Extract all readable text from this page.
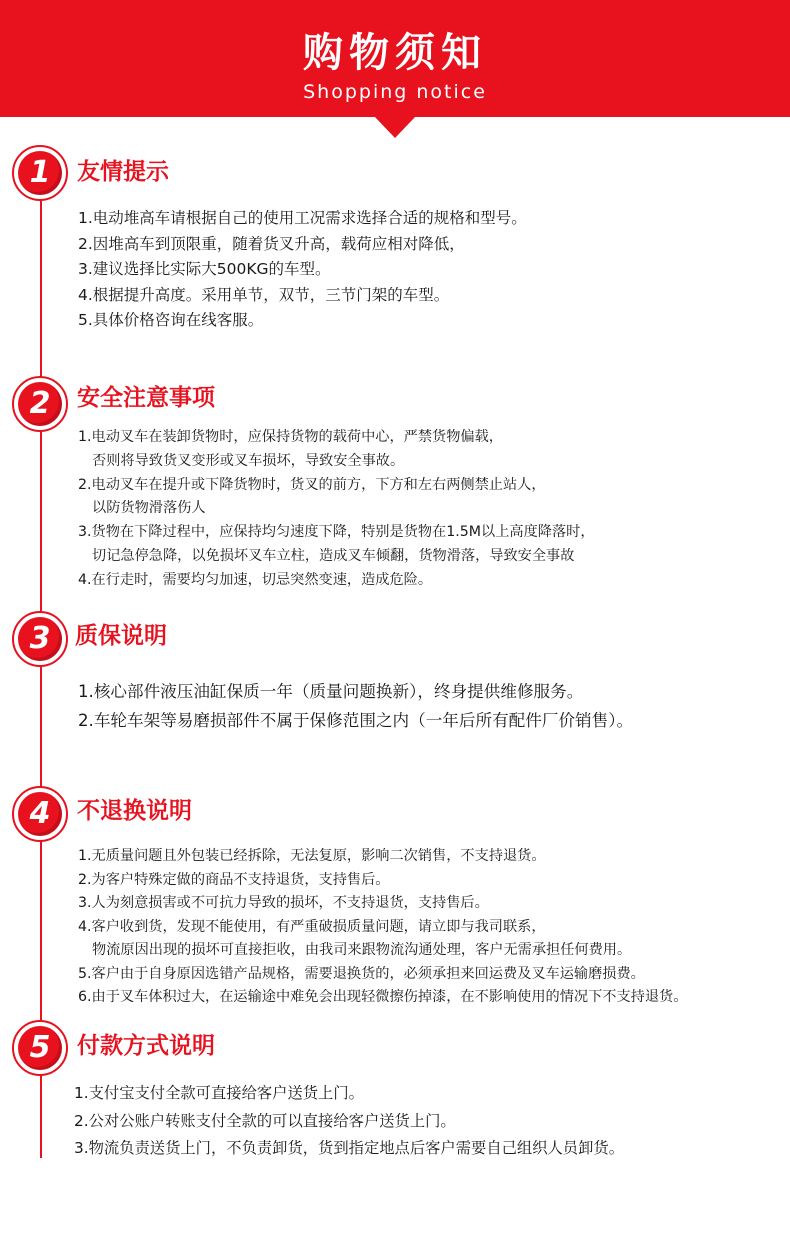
购物须知
Shopping notice
1	友情提示
1.电动堆高车请根据自己的使用工况需求选择合适的规格和型号。
2.因堆高车到顶限重，随着货叉升高，载荷应相对降低，
3.建议选择比实际大500KG的车型。
4.根据提升高度。采用单节，双节，三节门架的车型。
5.具体价格咨询在线客服。
2	安全注意事项
1.电动叉车在装卸货物时，应保持货物的载荷中心，严禁货物偏载，
否则将导致货叉变形或叉车损坏，导致安全事故。
2.电动叉车在提升或下降货物时，货叉的前方，下方和左右两侧禁止站人，
以防货物滑落伤人
3.货物在下降过程中，应保持均匀速度下降，特别是货物在1.5M以上高度降落时，
切记急停急降，以免损坏叉车立柱，造成叉车倾翻，货物滑落，导致安全事故
4.在行走时，需要均匀加速，切忌突然变速，造成危险。
3	质保说明
1.核心部件液压油缸保质一年（质量问题换新），终身提供维修服务。
2.车轮车架等易磨损部件不属于保修范围之内（一年后所有配件厂价销售）。
4	不退换说明
1.无质量问题且外包装已经拆除，无法复原，影响二次销售，不支持退货。
2.为客户特殊定做的商品不支持退货，支持售后。
3.人为刻意损害或不可抗力导致的损坏，不支持退货，支持售后。
4.客户收到货，发现不能使用，有严重破损质量问题，请立即与我司联系，
物流原因出现的损坏可直接拒收，由我司来跟物流沟通处理，客户无需承担任何费用。
5.客户由于自身原因选错产品规格，需要退换货的，必须承担来回运费及叉车运输磨损费。
6.由于叉车体积过大，在运输途中难免会出现轻微擦伤掉漆，在不影响使用的情况下不支持退货。
5	付款方式说明
1.支付宝支付全款可直接给客户送货上门。
2.公对公账户转账支付全款的可以直接给客户送货上门。
3.物流负责送货上门，不负责卸货，货到指定地点后客户需要自己组织人员卸货。
